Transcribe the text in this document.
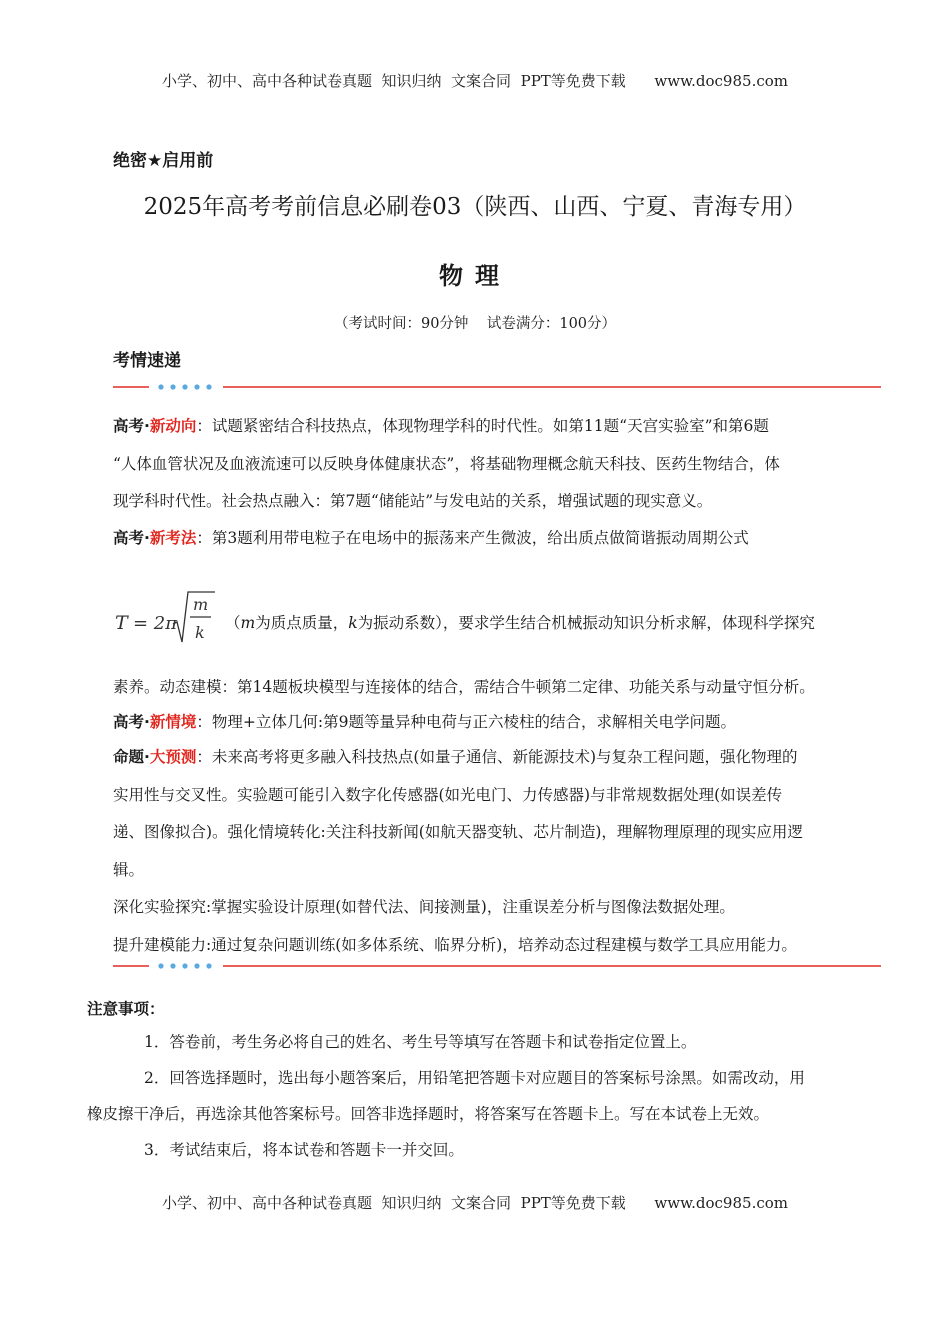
小学、初中、高中各种试卷真题  知识归纳  文案合同  PPT等免费下载      www.doc985.com
绝密★启用前
2025年高考考前信息必刷卷03（陕西、山西、宁夏、青海专用）
物理
（考试时间：90分钟    试卷满分：100分）
考情速递

高考·新动向：试题紧密结合科技热点，体现物理学科的时代性。如第11题“天宫实验室”和第6题

“人体血管状况及血液流速可以反映身体健康状态”，将基础物理概念航天科技、医药生物结合，体

现学科时代性。社会热点融入：第7题“储能站”与发电站的关系，增强试题的现实意义。

高考·新考法：第3题利用带电粒子在电场中的振荡来产生微波，给出质点做简谐振动周期公式

T = 2π
m
k （m为质点质量，k为振动系数），要求学生结合机械振动知识分析求解，体现科学探究

素养。动态建模：第14题板块模型与连接体的结合，需结合牛顿第二定律、功能关系与动量守恒分析。

高考·新情境：物理+立体几何:第9题等量异种电荷与正六棱柱的结合，求解相关电学问题。

命题·大预测：未来高考将更多融入科技热点(如量子通信、新能源技术)与复杂工程问题，强化物理的

实用性与交叉性。实验题可能引入数字化传感器(如光电门、力传感器)与非常规数据处理(如误差传

递、图像拟合)。强化情境转化:关注科技新闻(如航天器变轨、芯片制造)，理解物理原理的现实应用逻

辑。

深化实验探究:掌握实验设计原理(如替代法、间接测量)，注重误差分析与图像法数据处理。

提升建模能力:通过复杂问题训练(如多体系统、临界分析)，培养动态过程建模与数学工具应用能力。

注意事项：
1．答卷前，考生务必将自己的姓名、考生号等填写在答题卡和试卷指定位置上。
2．回答选择题时，选出每小题答案后，用铅笔把答题卡对应题目的答案标号涂黑。如需改动，用
橡皮擦干净后，再选涂其他答案标号。回答非选择题时，将答案写在答题卡上。写在本试卷上无效。
3．考试结束后，将本试卷和答题卡一并交回。
小学、初中、高中各种试卷真题  知识归纳  文案合同  PPT等免费下载      www.doc985.com
